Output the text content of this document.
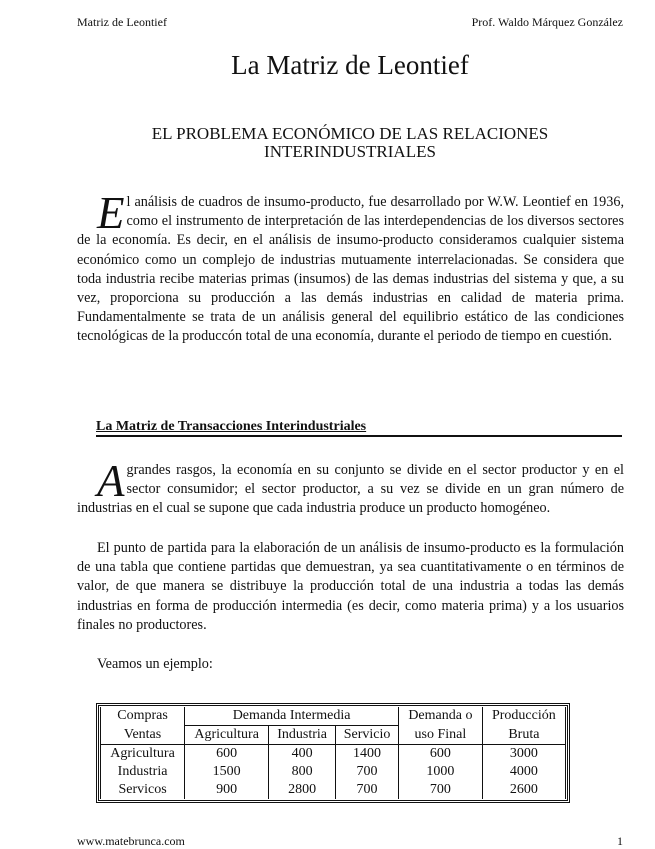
Matriz de Leontief	Prof. Waldo Márquez González
La Matriz de Leontief
EL PROBLEMA ECONÓMICO DE LAS RELACIONES
INTERINDUSTRIALES
El análisis de cuadros de insumo-producto, fue desarrollado por W.W. Leontief en 1936, como el instrumento de interpretación de las interdependencias de los diversos sectores de la economía. Es decir, en el análisis de insumo-producto consideramos cualquier sistema económico como un complejo de industrias mutuamente interrelacionadas. Se considera que toda industria recibe materias primas (insumos) de las demas industrias del sistema y que, a su vez, proporciona su producción a las demás industrias en calidad de materia prima. Fundamentalmente se trata de un análisis general del equilibrio estático de las condiciones tecnológicas de la produccón total de una economía, durante el periodo de tiempo en cuestión.
La Matriz de Transacciones Interindustriales
A grandes rasgos, la economía en su conjunto se divide en el sector productor y en el sector consumidor; el sector productor, a su vez se divide en un gran número de industrias en el cual se supone que cada industria produce un producto homogéneo.
El punto de partida para la elaboración de un análisis de insumo-producto es la formulación de una tabla que contiene partidas que demuestran, ya sea cuantitativamente o en términos de valor, de que manera se distribuye la producción total de una industria a todas las demás industrias en forma de producción intermedia (es decir, como materia prima) y a los usuarios finales no productores.
Veamos un ejemplo:
Compras	Demanda Intermedia			Demanda o	Producción
Ventas	Agricultura	Industria	Servicio	uso Final	Bruta
Agricultura	600	400	1400	600	3000
Industria	1500	800	700	1000	4000
Servicos	900	2800	700	700	2600
www.matebrunca.com	1
